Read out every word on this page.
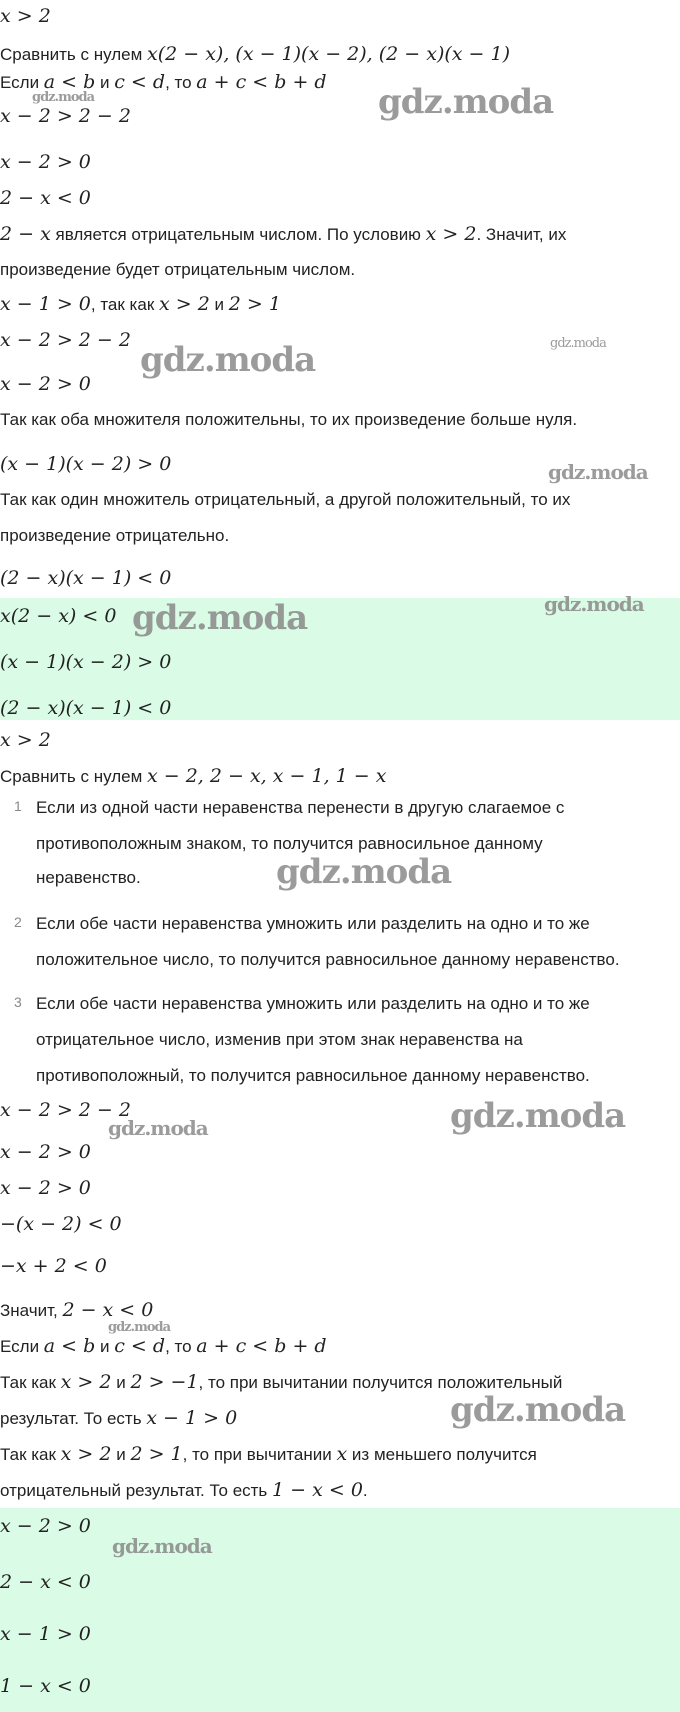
x > 2
Сравнить с нулем x(2 − x), (x − 1)(x − 2), (2 − x)(x − 1)
Если a < b и c < d, то a + c < b + d
x − 2 > 2 − 2
x − 2 > 0
2 − x < 0
2 − x является отрицательным числом. По условию x > 2. Значит, их
произведение будет отрицательным числом.
x − 1 > 0, так как x > 2 и 2 > 1
x − 2 > 2 − 2
x − 2 > 0
Так как оба множителя положительны, то их произведение больше нуля.
(x − 1)(x − 2) > 0
Так как один множитель отрицательный, а другой положительный, то их
произведение отрицательно.
(2 − x)(x − 1) < 0
x(2 − x) < 0
(x − 1)(x − 2) > 0
(2 − x)(x − 1) < 0
x > 2
Сравнить с нулем x − 2, 2 − x, x − 1, 1 − x
1 Если из одной части неравенства перенести в другую слагаемое с
противоположным знаком, то получится равносильное данному
неравенство.
2 Если обе части неравенства умножить или разделить на одно и то же
положительное число, то получится равносильное данному неравенство.
3 Если обе части неравенства умножить или разделить на одно и то же
отрицательное число, изменив при этом знак неравенства на
противоположный, то получится равносильное данному неравенство.
x − 2 > 2 − 2
x − 2 > 0
x − 2 > 0
−(x − 2) < 0
−x + 2 < 0
Значит, 2 − x < 0
Если a < b и c < d, то a + c < b + d
Так как x > 2 и 2 > −1, то при вычитании получится положительный
результат. То есть x − 1 > 0
Так как x > 2 и 2 > 1, то при вычитании x из меньшего получится
отрицательный результат. То есть 1 − x < 0.
x − 2 > 0
2 − x < 0
x − 1 > 0
1 − x < 0
gdz.moda	gdz.moda
gdz.moda	gdz.moda
gdz.moda
gdz.moda	gdz.moda
gdz.moda
gdz.moda	gdz.moda
gdz.moda
gdz.moda
gdz.moda
